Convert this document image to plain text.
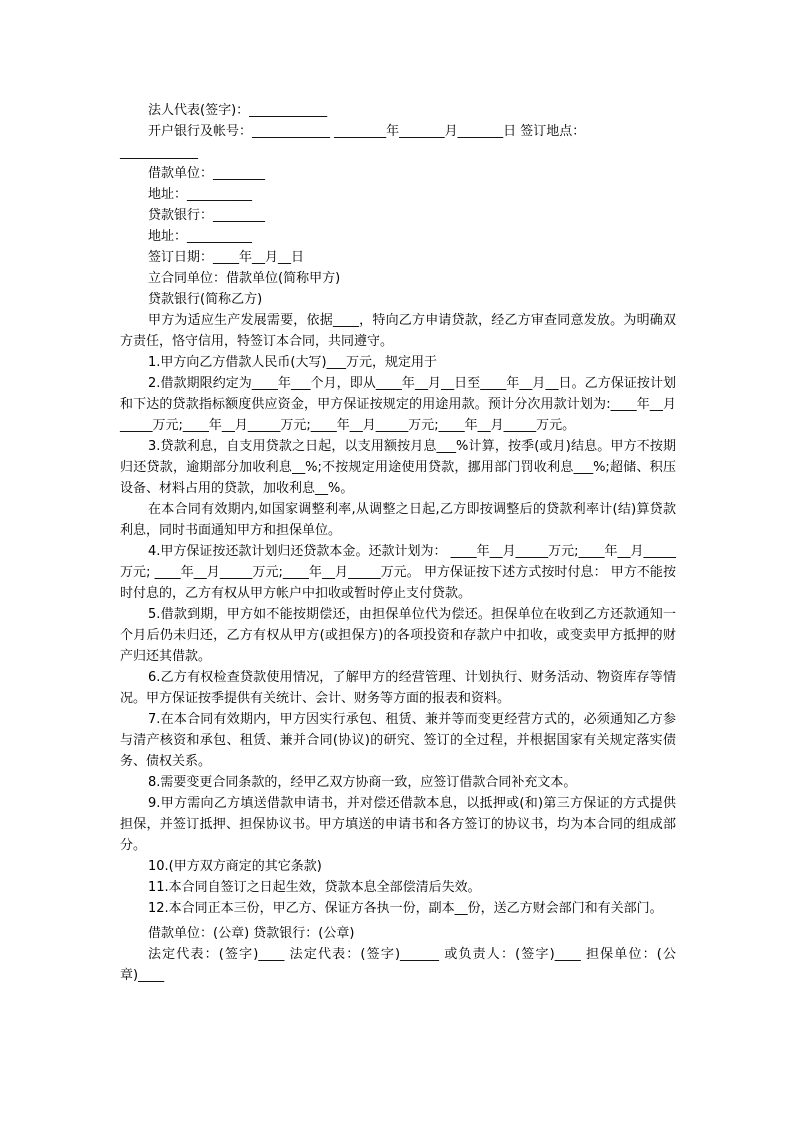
法人代表(签字)：____________
开户银行及帐号：____________ ________年_______月_______日 签订地点：
____________
借款单位：________
地址：__________
贷款银行：________
地址：__________
签订日期：____年__月__日
立合同单位：借款单位(简称甲方)
贷款银行(简称乙方)
甲方为适应生产发展需要，依据____，特向乙方申请贷款，经乙方审查同意发放。为明确双方责任，恪守信用，特签订本合同，共同遵守。
1.甲方向乙方借款人民币(大写)___万元，规定用于
2.借款期限约定为____年___个月，即从____年__月__日至____年__月__日。乙方保证按计划和下达的贷款指标额度供应资金，甲方保证按规定的用途用款。预计分次用款计划为:____年__月_____万元;____年__月_____万元;____年__月_____万元;____年__月_____万元。
3.贷款利息，自支用贷款之日起，以支用额按月息___%计算，按季(或月)结息。甲方不按期归还贷款，逾期部分加收利息__%;不按规定用途使用贷款，挪用部门罚收利息___%;超储、积压设备、材料占用的贷款，加收利息__%。
在本合同有效期内,如国家调整利率,从调整之日起,乙方即按调整后的贷款利率计(结)算贷款利息，同时书面通知甲方和担保单位。
4.甲方保证按还款计划归还贷款本金。还款计划为： ____年__月_____万元;____年__月_____万元; ____年__月_____万元;____年__月_____万元。 甲方保证按下述方式按时付息： 甲方不能按时付息的，乙方有权从甲方帐户中扣收或暂时停止支付贷款。
5.借款到期，甲方如不能按期偿还，由担保单位代为偿还。担保单位在收到乙方还款通知一个月后仍未归还，乙方有权从甲方(或担保方)的各项投资和存款户中扣收，或变卖甲方抵押的财产归还其借款。
6.乙方有权检查贷款使用情况，了解甲方的经营管理、计划执行、财务活动、物资库存等情况。甲方保证按季提供有关统计、会计、财务等方面的报表和资料。
7.在本合同有效期内，甲方因实行承包、租赁、兼并等而变更经营方式的，必须通知乙方参与清产核资和承包、租赁、兼并合同(协议)的研究、签订的全过程，并根据国家有关规定落实债务、债权关系。
8.需要变更合同条款的，经甲乙双方协商一致，应签订借款合同补充文本。
9.甲方需向乙方填送借款申请书，并对偿还借款本息，以抵押或(和)第三方保证的方式提供担保，并签订抵押、担保协议书。甲方填送的申请书和各方签订的协议书，均为本合同的组成部分。
10.(甲方双方商定的其它条款)
11.本合同自签订之日起生效，贷款本息全部偿清后失效。
12.本合同正本三份，甲乙方、保证方各执一份，副本__份，送乙方财会部门和有关部门。
借款单位：(公章) 贷款银行：(公章)
法定代表：(签字)____ 法定代表：(签字)______ 或负责人：(签字)____ 担保单位：(公章)____
